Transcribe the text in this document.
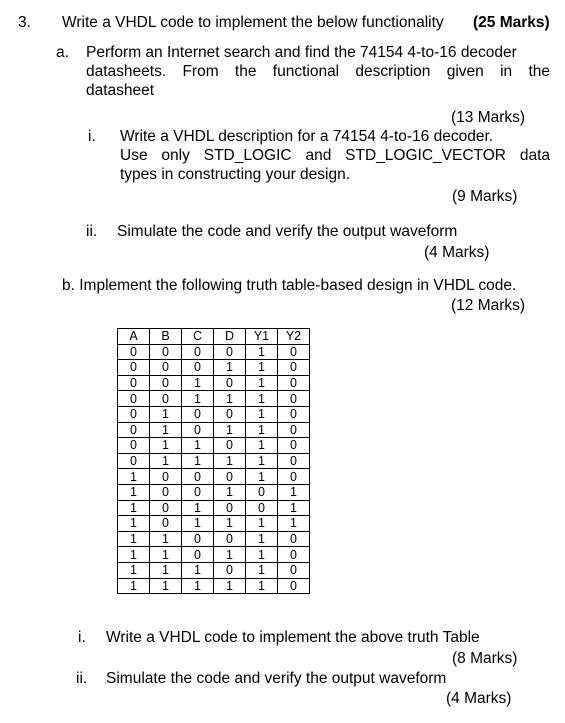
3. Write a VHDL code to implement the below functionality (25 Marks)
a. Perform an Internet search and find the 74154 4-to-16 decoder
datasheets. From the functional description given in the
datasheet
(13 Marks)
i. Write a VHDL description for a 74154 4-to-16 decoder.
Use only STD_LOGIC and STD_LOGIC_VECTOR data
types in constructing your design.
(9 Marks)
ii. Simulate the code and verify the output waveform
(4 Marks)
b. Implement the following truth table-based design in VHDL code.
(12 Marks)
A	B	C	D	Y1	Y2
0	0	0	0	1	0
0	0	0	1	1	0
0	0	1	0	1	0
0	0	1	1	1	0
0	1	0	0	1	0
0	1	0	1	1	0
0	1	1	0	1	0
0	1	1	1	1	0
1	0	0	0	1	0
1	0	0	1	0	1
1	0	1	0	0	1
1	0	1	1	1	1
1	1	0	0	1	0
1	1	0	1	1	0
1	1	1	0	1	0
1	1	1	1	1	0
i. Write a VHDL code to implement the above truth Table
(8 Marks)
ii. Simulate the code and verify the output waveform
(4 Marks)
